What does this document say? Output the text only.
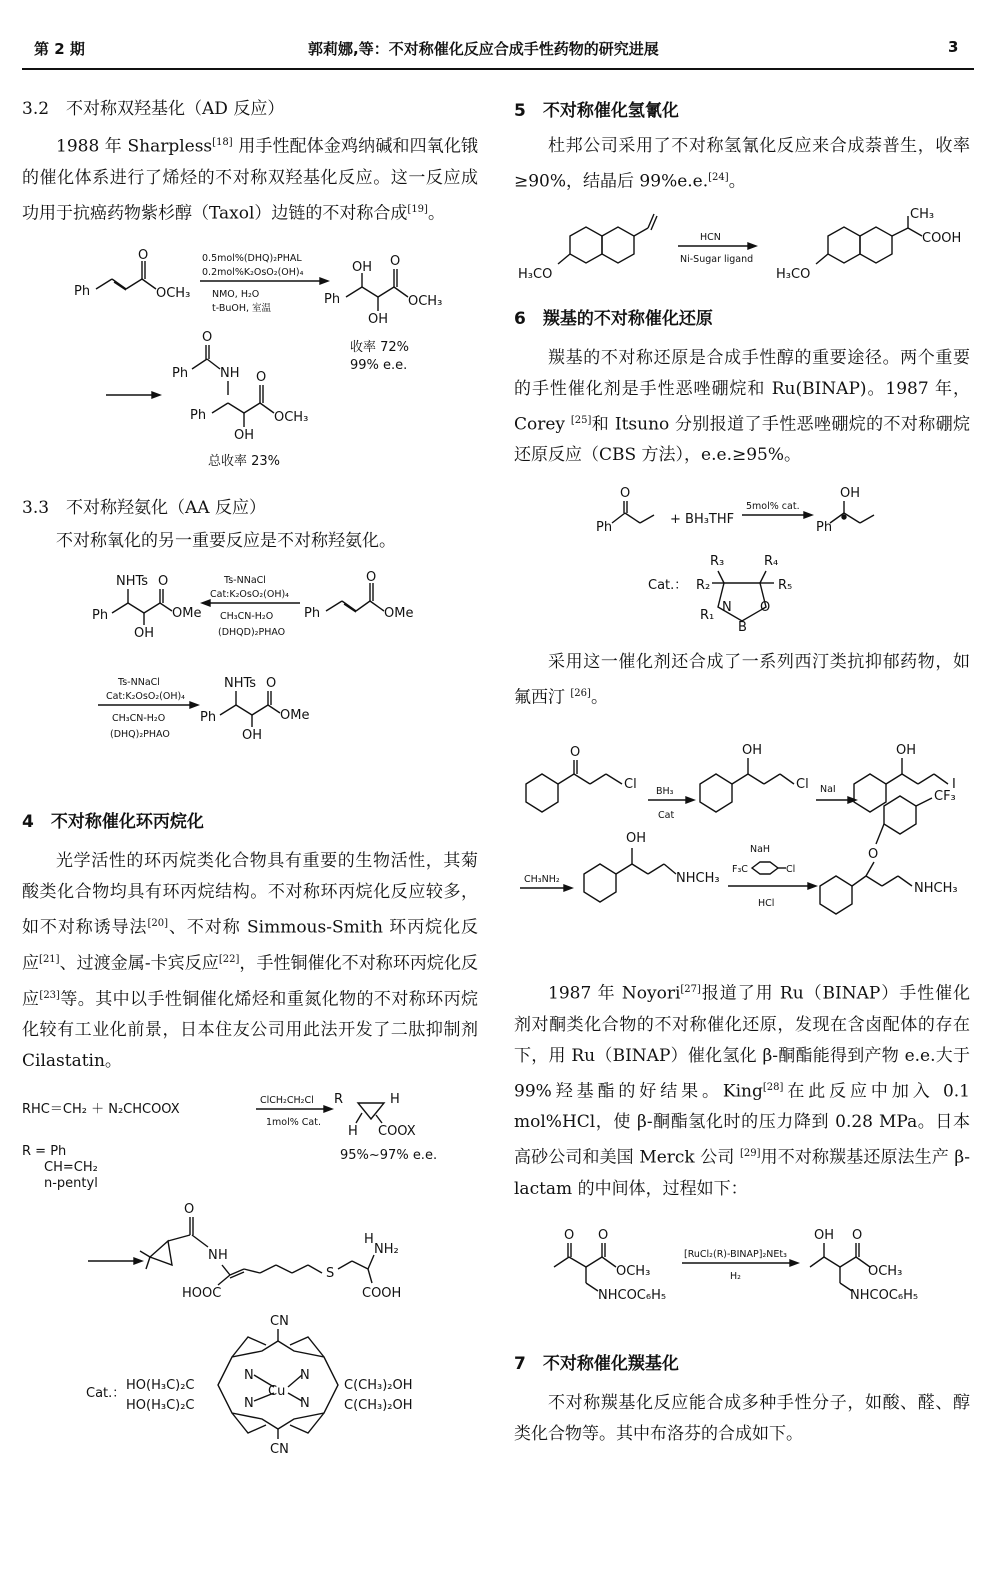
第 2 期	郭莉娜,等：不对称催化反应合成手性药物的研究进展	3
3.2　不对称双羟基化（AD 反应）
1988 年 Sharpless[18] 用手性配体金鸡纳碱和四氧化锇的催化体系进行了烯烃的不对称双羟基化反应。这一反应成功用于抗癌药物紫杉醇（Taxol）边链的不对称合成[19]。
Ph
O
OCH₃
0.5mol%(DHQ)₂PHAL
0.2mol%K₂OsO₂(OH)₄
NMO, H₂O
t-BuOH, 室温
Ph
OH O
OCH₃
OH
收率 72%
99% e.e.
O
Ph NH
Ph
O
OCH₃
OH
总收率 23%
3.3　不对称羟氨化（AA 反应）
不对称氧化的另一重要反应是不对称羟氨化。
NHTs O
Ph	OMe
OH
Ts-NNaCl
Cat:K₂OsO₂(OH)₄
CH₃CN-H₂O
(DHQD)₂PHAO
Ph
O
OMe
Ts-NNaCl
Cat:K₂OsO₂(OH)₄
CH₃CN-H₂O
(DHQ)₂PHAO
NHTs O
Ph	OMe
OH
4　不对称催化环丙烷化
光学活性的环丙烷类化合物具有重要的生物活性，其菊酸类化合物均具有环丙烷结构。不对称环丙烷化反应较多，如不对称诱导法[20]、不对称 Simmous-Smith 环丙烷化反应[21]、过渡金属-卡宾反应[22]，手性铜催化不对称环丙烷化反应[23]等。其中以手性铜催化烯烃和重氮化物的不对称环丙烷化较有工业化前景，日本住友公司用此法开发了二肽抑制剂 Cilastatin。
RHC＝CH₂ ＋ N₂CHCOOX
ClCH₂CH₂Cl
1mol% Cat.
R	H
H COOX
95%~97% e.e.
R = Ph
CH=CH₂
n-pentyl
O
N H
HOOC
S
NH₂
H
COOH
Cat.：
CN
HO(H₃C)₂C
HO(H₃C)₂C
N	N
Cu
N	N
C(CH₃)₂OH
C(CH₃)₂OH
CN
5　不对称催化氢氰化
杜邦公司采用了不对称氢氰化反应来合成萘普生，收率≥90%，结晶后 99%e.e.[24]。
H₃CO
HCN
Ni-Sugar ligand
CH₃
COOH
H₃CO
6　羰基的不对称催化还原
羰基的不对称还原是合成手性醇的重要途径。两个重要的手性催化剂是手性恶唑硼烷和 Ru(BINAP)。1987 年，Corey [25]和 Itsuno 分别报道了手性恶唑硼烷的不对称硼烷还原反应（CBS 方法），e.e.≥95%。
O
Ph
+ BH₃THF
5mol% cat.
OH
Ph
Cat.：
R₃	R₄
R₂	R₅
R₁
N
B
O
采用这一催化剂还合成了一系列西汀类抗抑郁药物，如氟西汀 [26]。
O
Cl BH₃
Cat
OH
Cl NaI
OH
I
CH₃NH₂
OH
NHCH₃
NaH
F₃C	Cl
HCl
CF₃
O
NHCH₃
1987 年 Noyori[27]报道了用 Ru（BINAP）手性催化剂对酮类化合物的不对称催化还原，发现在含卤配体的存在下，用 Ru（BINAP）催化氢化 β-酮酯能得到产物 e.e.大于 99%羟基酯的好结果。King[28]在此反应中加入 0.1 mol%HCl，使 β-酮酯氢化时的压力降到 0.28 MPa。日本高砂公司和美国 Merck 公司 [29]用不对称羰基还原法生产 β-lactam 的中间体，过程如下：
O O
OCH₃
NHCOC₆H₅
[RuCl₂(R)-BINAP]₂NEt₃
H₂
OH O
OCH₃
NHCOC₆H₅
7　不对称催化羰基化
不对称羰基化反应能合成多种手性分子，如酸、醛、醇类化合物等。其中布洛芬的合成如下。
